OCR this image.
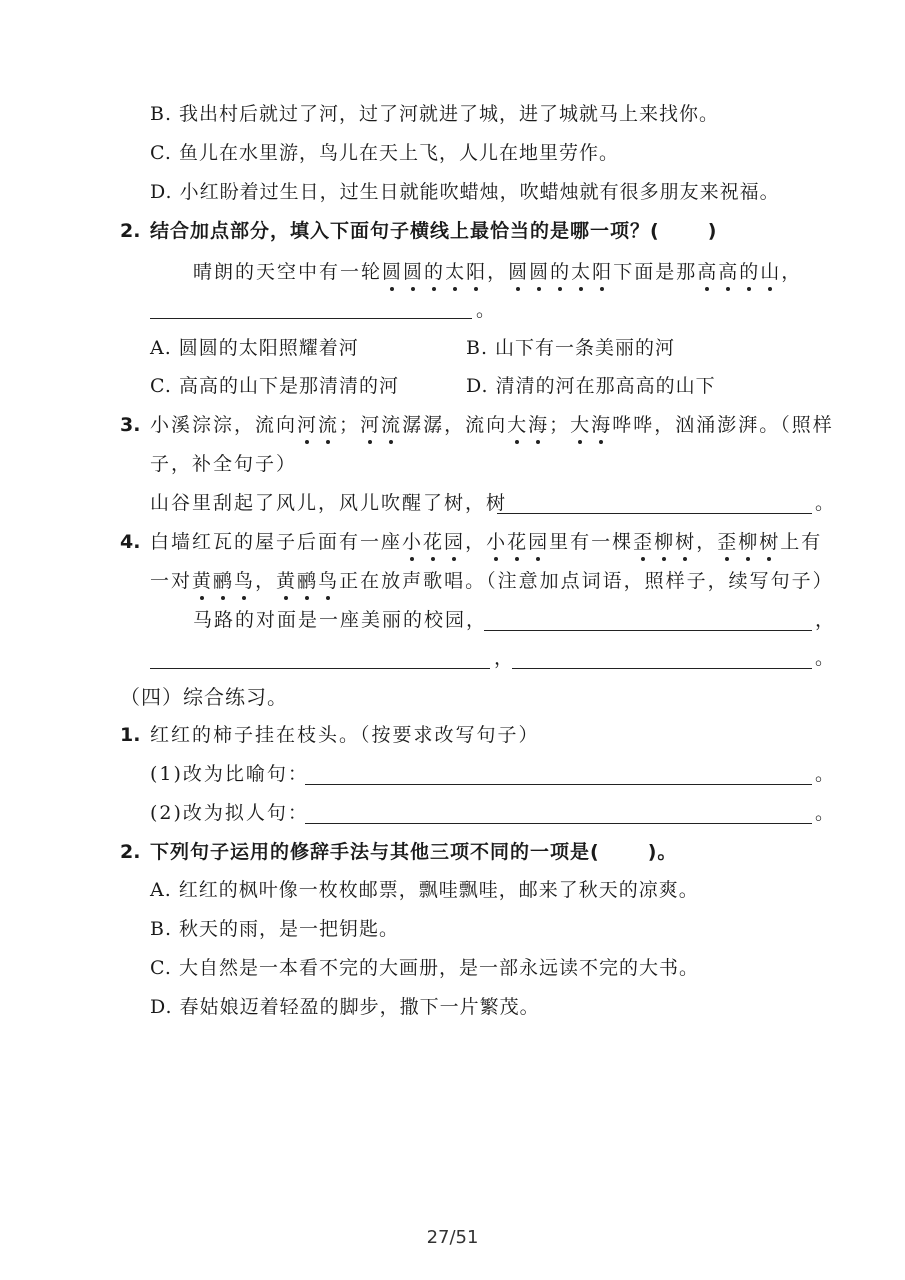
B. 我出村后就过了河，过了河就进了城，进了城就马上来找你。
C. 鱼儿在水里游，鸟儿在天上飞，人儿在地里劳作。
D. 小红盼着过生日，过生日就能吹蜡烛，吹蜡烛就有很多朋友来祝福。
2. 结合加点部分，填入下面句子横线上最恰当的是哪一项？(	)
晴朗的天空中有一轮圆圆的太阳，圆圆的太阳下面是那高高的山，
。
A. 圆圆的太阳照耀着河	B. 山下有一条美丽的河
C. 高高的山下是那清清的河	D. 清清的河在那高高的山下
3. 小溪淙淙，流向河流；河流潺潺，流向大海；大海哗哗，汹涌澎湃。（照样
子，补全句子）
山谷里刮起了风儿，风儿吹醒了树，树	。
4. 白墙红瓦的屋子后面有一座小花园，小花园里有一棵歪柳树，歪柳树上有
一对黄鹂鸟，黄鹂鸟正在放声歌唱。（注意加点词语，照样子，续写句子）
马路的对面是一座美丽的校园，	，
，	。
（四）综合练习。
1. 红红的柿子挂在枝头。（按要求改写句子）
(1)改为比喻句：	。
(2)改为拟人句：	。
2. 下列句子运用的修辞手法与其他三项不同的一项是(	)。
A. 红红的枫叶像一枚枚邮票，飘哇飘哇，邮来了秋天的凉爽。
B. 秋天的雨，是一把钥匙。
C. 大自然是一本看不完的大画册，是一部永远读不完的大书。
D. 春姑娘迈着轻盈的脚步，撒下一片繁茂。
27/51
